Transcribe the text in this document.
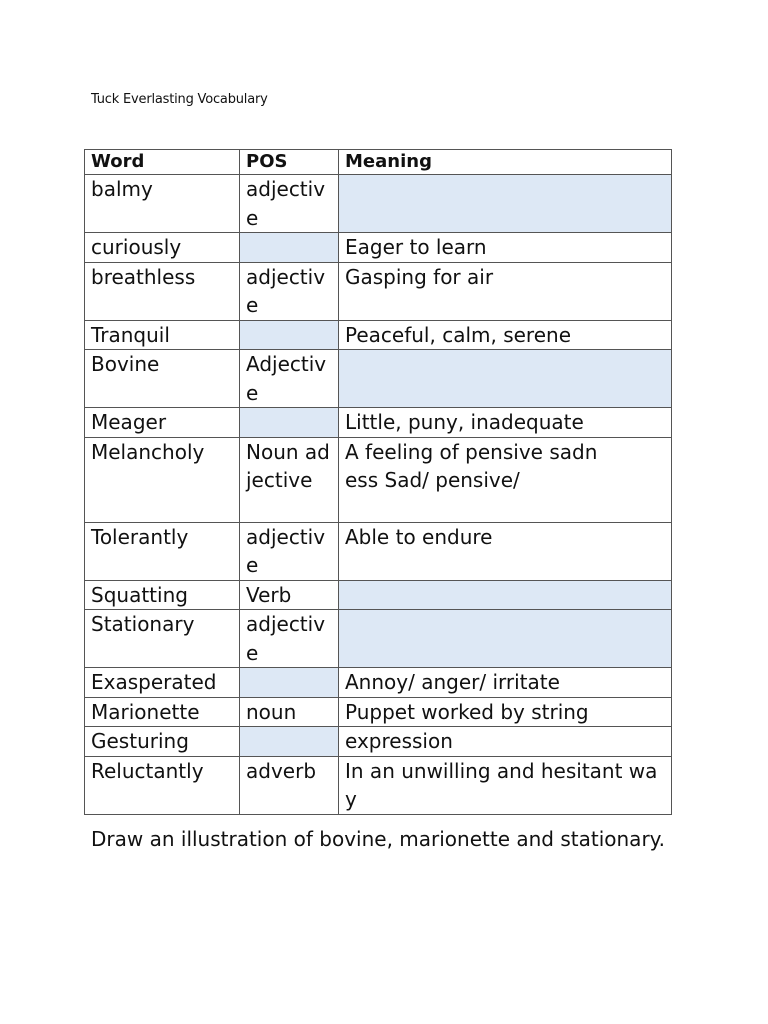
Tuck Everlasting Vocabulary
Word	POS	Meaning
balmy	adjective	
curiously		Eager to learn
breathless	adjective	Gasping for air
Tranquil		Peaceful, calm, serene
Bovine	Adjective	
Meager		Little, puny, inadequate
Melancholy	Noun adjective	A feeling of pensive sadness Sad/ pensive/
Tolerantly	adjective	Able to endure
Squatting	Verb	
Stationary	adjective	
Exasperated		Annoy/ anger/ irritate
Marionette	noun	Puppet worked by string
Gesturing		expression
Reluctantly	adverb	In an unwilling and hesitant way
Draw an illustration of bovine, marionette and stationary.
